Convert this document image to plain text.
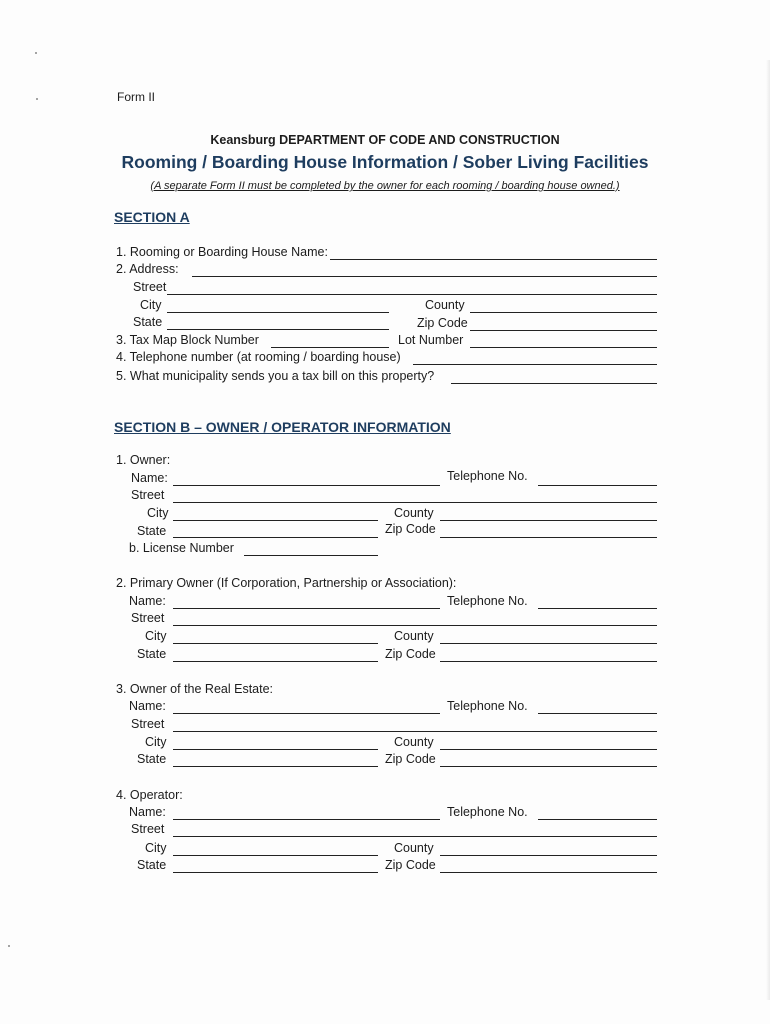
Form II
Keansburg DEPARTMENT OF CODE AND CONSTRUCTION
Rooming / Boarding House Information / Sober Living Facilities
(A separate Form II must be completed by the owner for each rooming / boarding house owned.)
SECTION A
1. Rooming or Boarding House Name:
2. Address:
Street
City	County
State	Zip Code
3. Tax Map Block Number	Lot Number
4. Telephone number (at rooming / boarding house)
5. What municipality sends you a tax bill on this property?
SECTION B – OWNER / OPERATOR INFORMATION
1. Owner:
Name:	Telephone No.
Street
City	County
State	Zip Code
b. License Number
2. Primary Owner (If Corporation, Partnership or Association):
Name:	Telephone No.
Street
City	County
State	Zip Code
3. Owner of the Real Estate:
Name:	Telephone No.
Street
City	County
State	Zip Code
4. Operator:
Name:	Telephone No.
Street
City	County
State	Zip Code
